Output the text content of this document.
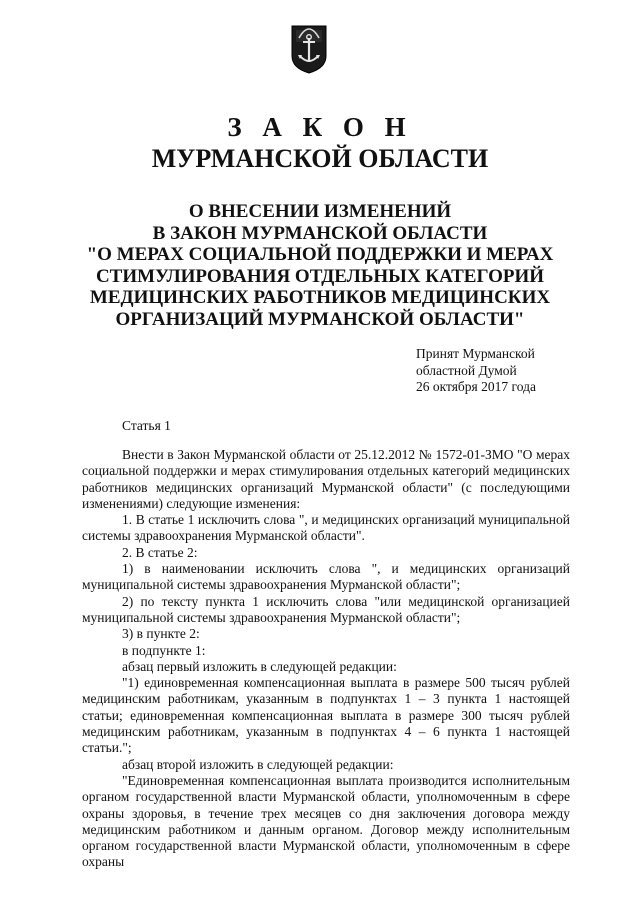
З А К О Н
МУРМАНСКОЙ ОБЛАСТИ
О ВНЕСЕНИИ ИЗМЕНЕНИЙ
В ЗАКОН МУРМАНСКОЙ ОБЛАСТИ
"О МЕРАХ СОЦИАЛЬНОЙ ПОДДЕРЖКИ И МЕРАХ
СТИМУЛИРОВАНИЯ ОТДЕЛЬНЫХ КАТЕГОРИЙ
МЕДИЦИНСКИХ РАБОТНИКОВ МЕДИЦИНСКИХ
ОРГАНИЗАЦИЙ МУРМАНСКОЙ ОБЛАСТИ"
Принят Мурманской
областной Думой
26 октября 2017 года
Статья 1

Внести в Закон Мурманской области от 25.12.2012 № 1572-01-ЗМО "О мерах социальной поддержки и мерах стимулирования отдельных категорий медицинских работников медицинских организаций Мурманской области" (с последующими изменениями) следующие изменения:

1. В статье 1 исключить слова ", и медицинских организаций муниципальной системы здравоохранения Мурманской области".

2. В статье 2:

1) в наименовании исключить слова ", и медицинских организаций муниципальной системы здравоохранения Мурманской области";

2) по тексту пункта 1 исключить слова "или медицинской организацией муниципальной системы здравоохранения Мурманской области";

3) в пункте 2:

в подпункте 1:

абзац первый изложить в следующей редакции:

"1) единовременная компенсационная выплата в размере 500 тысяч рублей медицинским работникам, указанным в подпунктах 1 – 3 пункта 1 настоящей статьи; единовременная компенсационная выплата в размере 300 тысяч рублей медицинским работникам, указанным в подпунктах 4 – 6 пункта 1 настоящей статьи.";

абзац второй изложить в следующей редакции:

"Единовременная компенсационная выплата производится исполнительным органом государственной власти Мурманской области, уполномоченным в сфере охраны здоровья, в течение трех месяцев со дня заключения договора между медицинским работником и данным органом. Договор между исполнительным органом государственной власти Мурманской области, уполномоченным в сфере охраны
